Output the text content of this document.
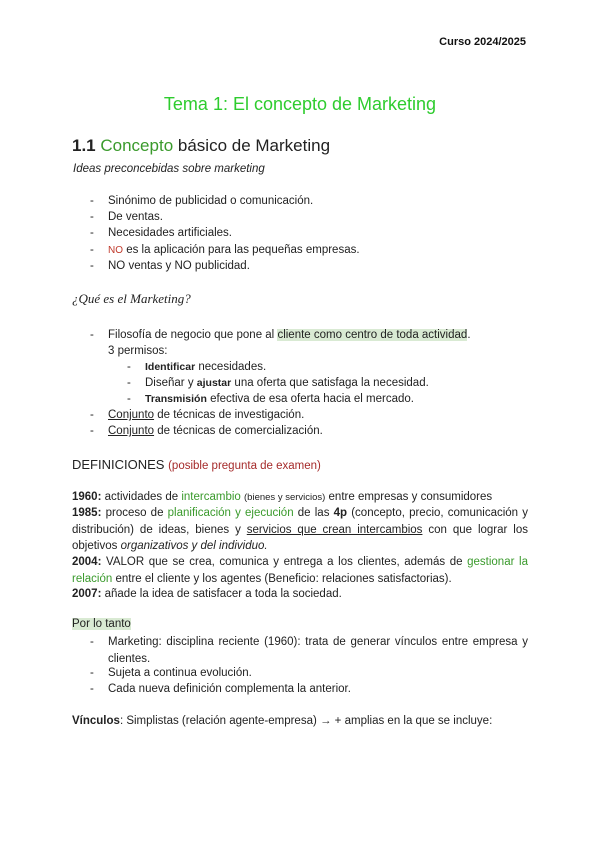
Curso 2024/2025
Tema 1: El concepto de Marketing
1.1 Concepto básico de Marketing
Ideas preconcebidas sobre marketing
- Sinónimo de publicidad o comunicación.
- De ventas.
- Necesidades artificiales.
- NO es la aplicación para las pequeñas empresas.
- NO ventas y NO publicidad.
¿Qué es el Marketing?
- Filosofía de negocio que pone al cliente como centro de toda actividad.
3 permisos:
- Identificar necesidades.
- Diseñar y ajustar una oferta que satisfaga la necesidad.
- Transmisión efectiva de esa oferta hacia el mercado.
- Conjunto de técnicas de investigación.
- Conjunto de técnicas de comercialización.
DEFINICIONES (posible pregunta de examen)
1960: actividades de intercambio (bienes y servicios) entre empresas y consumidores
1985: proceso de planificación y ejecución de las 4p (concepto, precio, comunicación y distribución) de ideas, bienes y servicios que crean intercambios con que lograr los objetivos organizativos y del individuo.
2004: VALOR que se crea, comunica y entrega a los clientes, además de gestionar la relación entre el cliente y los agentes (Beneficio: relaciones satisfactorias).
2007: añade la idea de satisfacer a toda la sociedad.
Por lo tanto
- Marketing: disciplina reciente (1960): trata de generar vínculos entre empresa y clientes.
- Sujeta a continua evolución.
- Cada nueva definición complementa la anterior.
Vínculos: Simplistas (relación agente-empresa) → + amplias en la que se incluye:
